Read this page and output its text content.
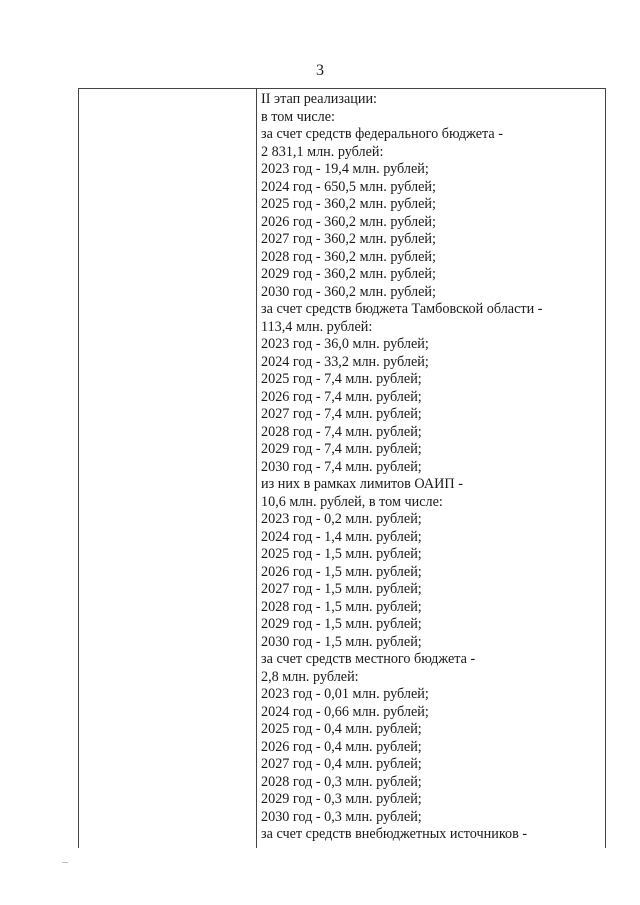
3
II этап реализации:
в том числе:
за счет средств федерального бюджета -
2 831,1 млн. рублей:
2023 год - 19,4 млн. рублей;
2024 год - 650,5 млн. рублей;
2025 год - 360,2 млн. рублей;
2026 год - 360,2 млн. рублей;
2027 год - 360,2 млн. рублей;
2028 год - 360,2 млн. рублей;
2029 год - 360,2 млн. рублей;
2030 год - 360,2 млн. рублей;
за счет средств бюджета Тамбовской области -
113,4 млн. рублей:
2023 год - 36,0 млн. рублей;
2024 год - 33,2 млн. рублей;
2025 год - 7,4 млн. рублей;
2026 год - 7,4 млн. рублей;
2027 год - 7,4 млн. рублей;
2028 год - 7,4 млн. рублей;
2029 год - 7,4 млн. рублей;
2030 год - 7,4 млн. рублей;
из них в рамках лимитов ОАИП -
10,6 млн. рублей, в том числе:
2023 год - 0,2 млн. рублей;
2024 год - 1,4 млн. рублей;
2025 год - 1,5 млн. рублей;
2026 год - 1,5 млн. рублей;
2027 год - 1,5 млн. рублей;
2028 год - 1,5 млн. рублей;
2029 год - 1,5 млн. рублей;
2030 год - 1,5 млн. рублей;
за счет средств местного бюджета -
2,8 млн. рублей:
2023 год - 0,01 млн. рублей;
2024 год - 0,66 млн. рублей;
2025 год - 0,4 млн. рублей;
2026 год - 0,4 млн. рублей;
2027 год - 0,4 млн. рублей;
2028 год - 0,3 млн. рублей;
2029 год - 0,3 млн. рублей;
2030 год - 0,3 млн. рублей;
за счет средств внебюджетных источников -
